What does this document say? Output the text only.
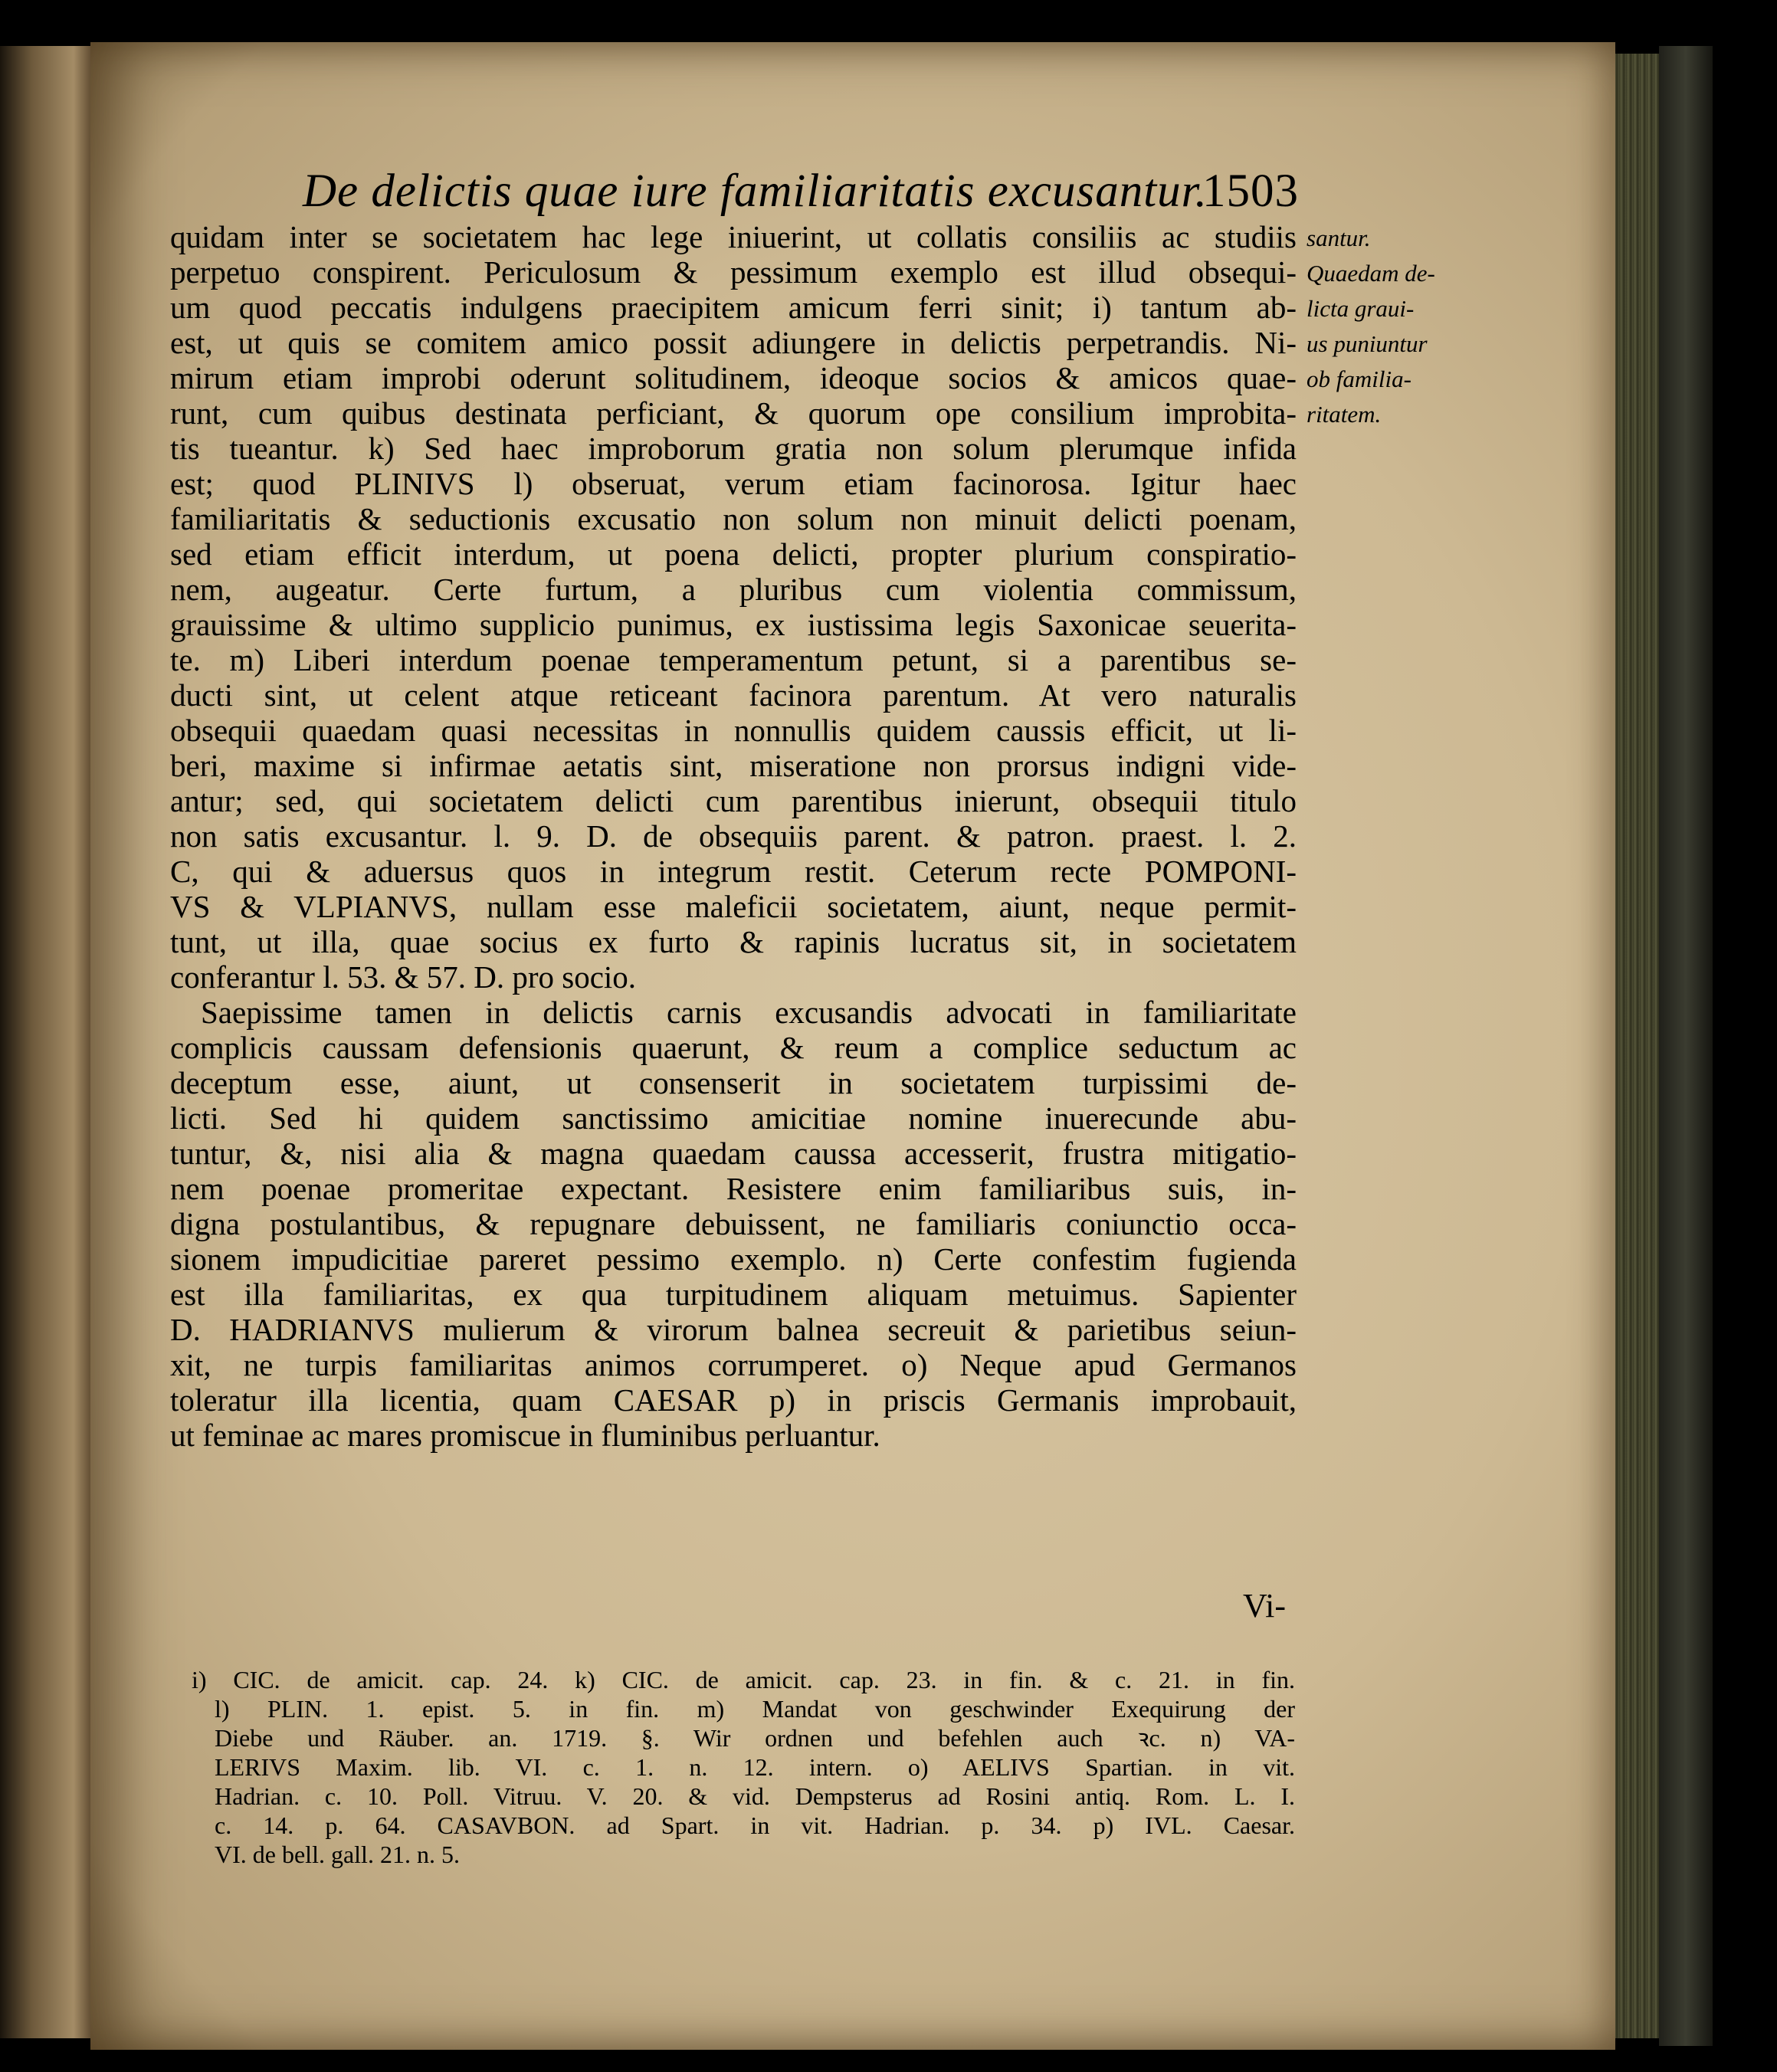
De delictis quae iure familiaritatis excusantur.
1503
quidam inter se societatem hac lege iniuerint, ut collatis consiliis ac studiis
perpetuo conspirent. Periculosum & pessimum exemplo est illud obsequi-
um quod peccatis indulgens praecipitem amicum ferri sinit; i) tantum ab-
est, ut quis se comitem amico possit adiungere in delictis perpetrandis. Ni-
mirum etiam improbi oderunt solitudinem, ideoque socios & amicos quae-
runt, cum quibus destinata perficiant, & quorum ope consilium improbita-
tis tueantur. k) Sed haec improborum gratia non solum plerumque infida
est; quod PLINIVS l) obseruat, verum etiam facinorosa. Igitur haec
familiaritatis & seductionis excusatio non solum non minuit delicti poenam,
sed etiam efficit interdum, ut poena delicti, propter plurium conspiratio-
nem, augeatur. Certe furtum, a pluribus cum violentia commissum,
grauissime & ultimo supplicio punimus, ex iustissima legis Saxonicae seuerita-
te. m) Liberi interdum poenae temperamentum petunt, si a parentibus se-
ducti sint, ut celent atque reticeant facinora parentum. At vero naturalis
obsequii quaedam quasi necessitas in nonnullis quidem caussis efficit, ut li-
beri, maxime si infirmae aetatis sint, miseratione non prorsus indigni vide-
antur; sed, qui societatem delicti cum parentibus inierunt, obsequii titulo
non satis excusantur. l. 9. D. de obsequiis parent. & patron. praest. l. 2.
C, qui & aduersus quos in integrum restit. Ceterum recte POMPONI-
VS & VLPIANVS, nullam esse maleficii societatem, aiunt, neque permit-
tunt, ut illa, quae socius ex furto & rapinis lucratus sit, in societatem
conferantur l. 53. & 57. D. pro socio.
Saepissime tamen in delictis carnis excusandis advocati in familiaritate
complicis caussam defensionis quaerunt, & reum a complice seductum ac
deceptum esse, aiunt, ut consenserit in societatem turpissimi de-
licti. Sed hi quidem sanctissimo amicitiae nomine inuerecunde abu-
tuntur, &, nisi alia & magna quaedam caussa accesserit, frustra mitigatio-
nem poenae promeritae expectant. Resistere enim familiaribus suis, in-
digna postulantibus, & repugnare debuissent, ne familiaris coniunctio occa-
sionem impudicitiae pareret pessimo exemplo. n) Certe confestim fugienda
est illa familiaritas, ex qua turpitudinem aliquam metuimus. Sapienter
D. HADRIANVS mulierum & virorum balnea secreuit & parietibus seiun-
xit, ne turpis familiaritas animos corrumperet. o) Neque apud Germanos
toleratur illa licentia, quam CAESAR p) in priscis Germanis improbauit,
ut feminae ac mares promiscue in fluminibus perluantur.
santur.
Quaedam de-
licta graui-
us puniuntur
ob familia-
ritatem.
Vi-
i) CIC. de amicit. cap. 24. k) CIC. de amicit. cap. 23. in fin. & c. 21. in fin.
l) PLIN. 1. epist. 5. in fin. m) Mandat von geschwinder Exequirung der
Diebe und Räuber. an. 1719. §. Wir ordnen und befehlen auch ꝛc. n) VA-
LERIVS Maxim. lib. VI. c. 1. n. 12. intern. o) AELIVS Spartian. in vit.
Hadrian. c. 10. Poll. Vitruu. V. 20. & vid. Dempsterus ad Rosini antiq. Rom. L. I.
c. 14. p. 64. CASAVBON. ad Spart. in vit. Hadrian. p. 34. p) IVL. Caesar.
VI. de bell. gall. 21. n. 5.
